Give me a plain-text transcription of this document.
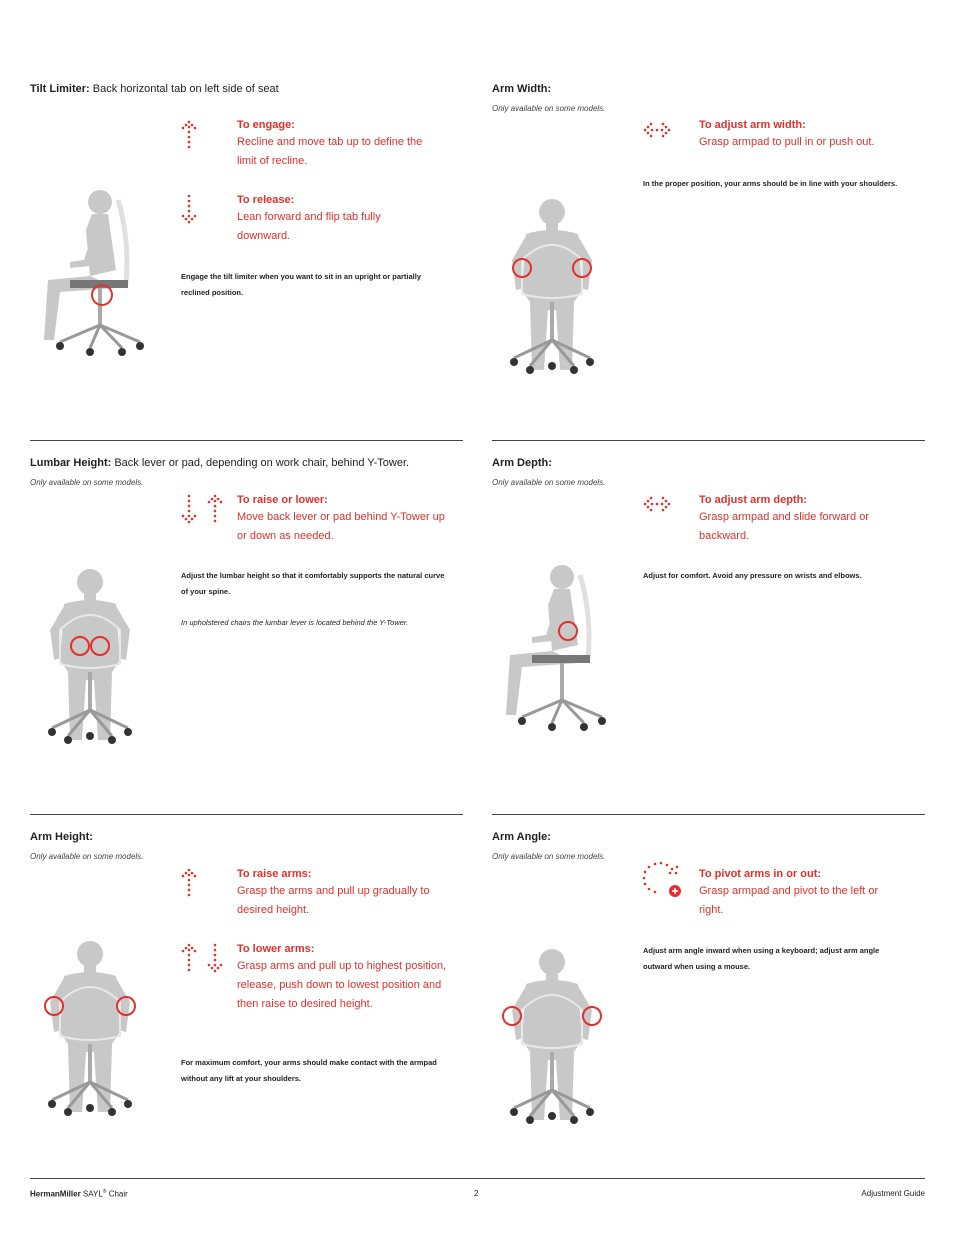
Tilt Limiter: Back horizontal tab on left side of seat
To engage:
Recline and move tab up to define the limit of recline.
To release:
Lean forward and flip tab fully downward.
Engage the tilt limiter when you want to sit in an upright or partially reclined position.
Arm Width:
Only available on some models.
To adjust arm width:
Grasp armpad to pull in or push out.
In the proper position, your arms should be in line with your shoulders.
Lumbar Height: Back lever or pad, depending on work chair, behind Y-Tower.
Only available on some models.
To raise or lower:
Move back lever or pad behind Y-Tower up or down as needed.
Adjust the lumbar height so that it comfortably supports the natural curve of your spine.
In upholstered chairs the lumbar lever is located behind the Y-Tower.
Arm Depth:
Only available on some models.
To adjust arm depth:
Grasp armpad and slide forward or backward.
Adjust for comfort. Avoid any pressure on wrists and elbows.
Arm Height:
Only available on some models.
To raise arms:
Grasp the arms and pull up gradually to desired height.
To lower arms:
Grasp arms and pull up to highest position, release, push down to lowest position and then raise to desired height.
For maximum comfort, your arms should make contact with the armpad without any lift at your shoulders.
Arm Angle:
Only available on some models.
To pivot arms in or out:
Grasp armpad and pivot to the left or right.
Adjust arm angle inward when using a keyboard; adjust arm angle outward when using a mouse.
HermanMiller SAYL® Chair	2	Adjustment Guide
